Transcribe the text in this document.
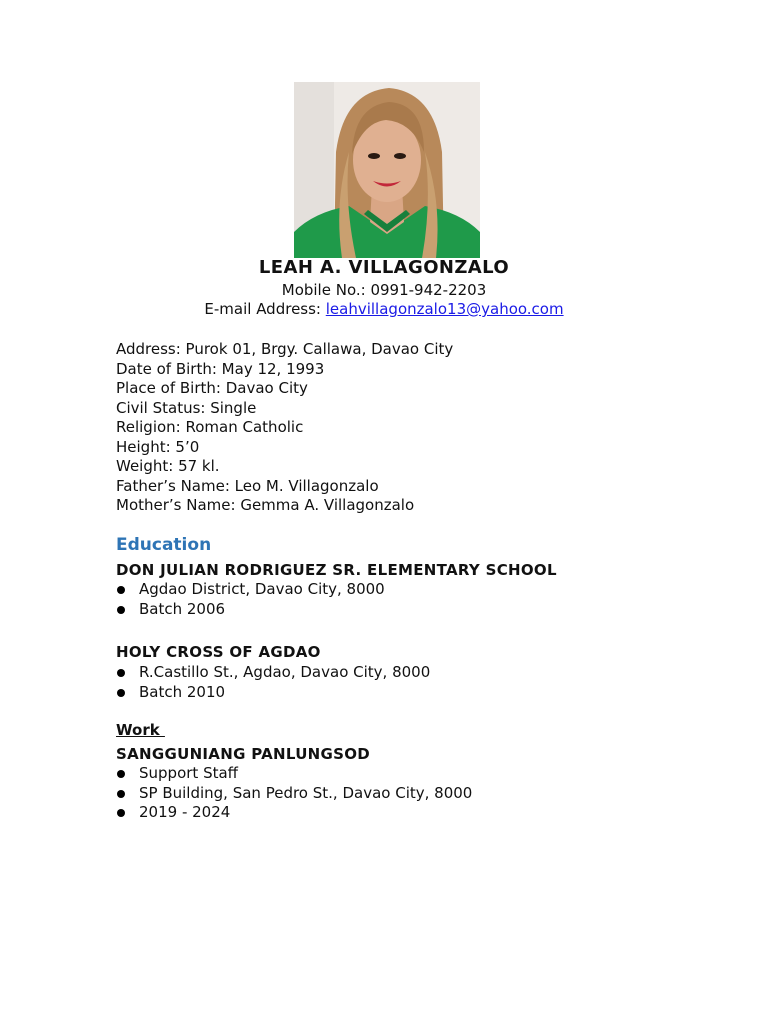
LEAH A. VILLAGONZALO
Mobile No.: 0991-942-2203
E-mail Address: leahvillagonzalo13@yahoo.com
Address: Purok 01, Brgy. Callawa, Davao City
Date of Birth: May 12, 1993
Place of Birth: Davao City
Civil Status: Single
Religion: Roman Catholic
Height: 5’0
Weight: 57 kl.
Father’s Name: Leo M. Villagonzalo
Mother’s Name: Gemma A. Villagonzalo
Education
DON JULIAN RODRIGUEZ SR. ELEMENTARY SCHOOL
Agdao District, Davao City, 8000
Batch 2006
HOLY CROSS OF AGDAO
R.Castillo St., Agdao, Davao City, 8000
Batch 2010
Work
SANGGUNIANG PANLUNGSOD
Support Staff
SP Building, San Pedro St., Davao City, 8000
2019 - 2024
